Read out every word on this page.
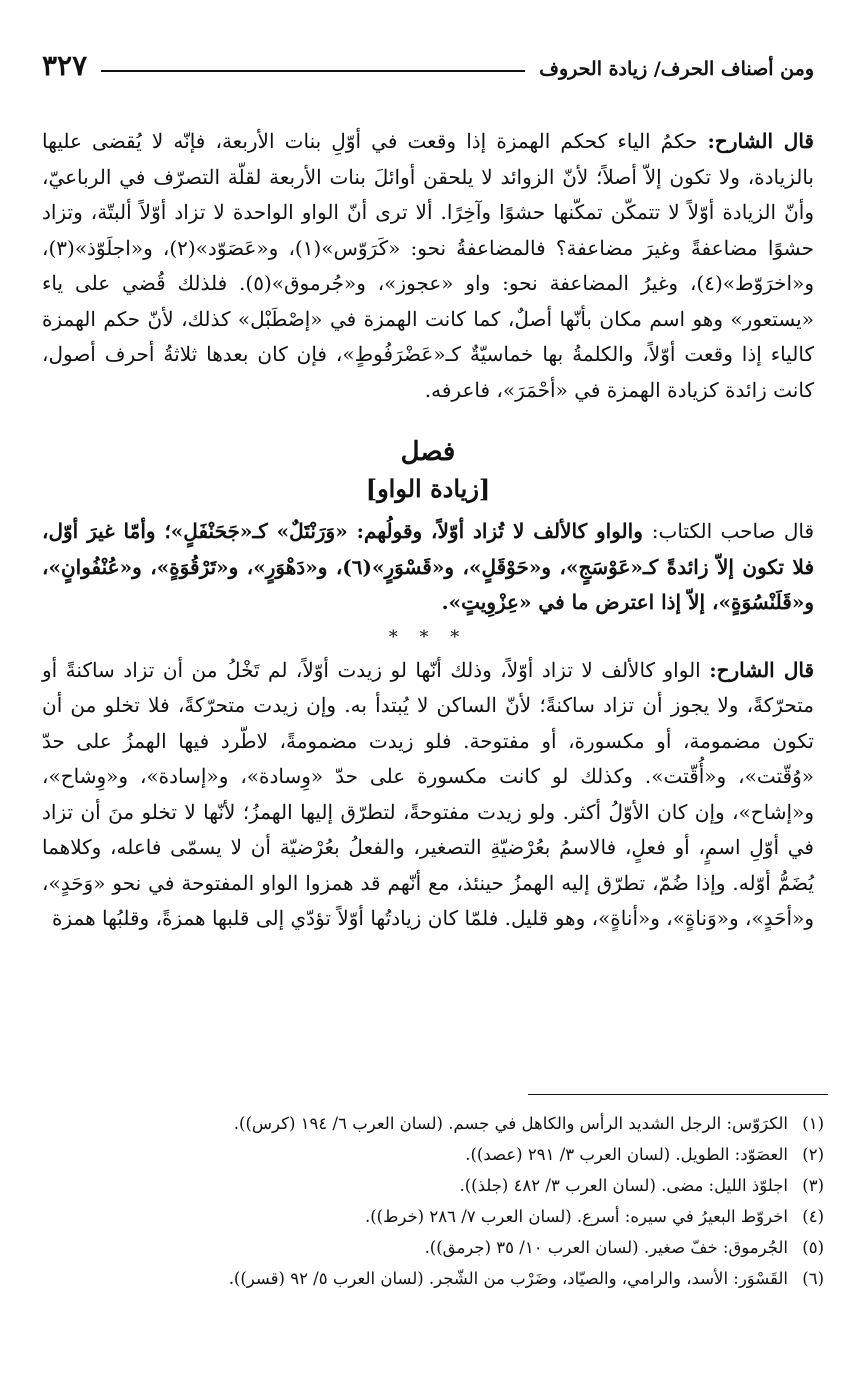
ومن أصناف الحرف/ زيادة الحروف
٣٢٧

قال الشارح: حكمُ الياء كحكم الهمزة إذا وقعت في أوّلِ بنات الأربعة، فإنّه لا يُقضى عليها بالزيادة، ولا تكون إلاّ أصلاً؛ لأنّ الزوائد لا يلحقن أوائلَ بنات الأربعة لقلّة التصرّف في الرباعيّ، وأنّ الزيادة أوّلاً لا تتمكّن تمكّنها حشوًا وآخِرًا. ألا ترى أنّ الواو الواحدة لا تزاد أوّلاً ألبتّة، وتزاد حشوًا مضاعفةً وغيرَ مضاعفة؟ فالمضاعفةُ نحو: «كَرَوّس»(١)، و«عَصَوّد»(٢)، و«اجلَوّذ»(٣)، و«اخرَوّط»(٤)، وغيرُ المضاعفة نحو: واو «عجوز»، و«جُرموق»(٥). فلذلك قُضي على ياء «يستعور» وهو اسم مكان بأنّها أصلٌ، كما كانت الهمزة في «إصْطَبْل» كذلك، لأنّ حكم الهمزة كالياء إذا وقعت أوّلاً، والكلمةُ بها خماسيّةٌ كـ«عَضْرَفُوطٍ»، فإن كان بعدها ثلاثةُ أحرف أصول، كانت زائدة كزيادة الهمزة في «أحْمَرَ»، فاعرفه.

فصل
[زيادة الواو]

قال صاحب الكتاب: والواو كالألف لا تُزاد أوّلاً، وقولُهم: «وَرَنْتَلٌ» كـ«جَحَنْفَلٍ»؛ وأمّا غيرَ أوّل، فلا تكون إلاّ زائدةً كـ«عَوْسَجٍ»، و«حَوْقَلٍ»، و«قَسْوَرٍ»(٦)، و«دَهْوَرٍ»، و«تَرْقُوَةٍ»، و«عُنْفُوانٍ»، و«قَلَنْسُوَةٍ»، إلاّ إذا اعترض ما في «عِزْوِيتٍ».

* * *

قال الشارح: الواو كالألف لا تزاد أوّلاً، وذلك أنّها لو زيدت أوّلاً، لم تَخْلُ من أن تزاد ساكنةً أو متحرّكةً، ولا يجوز أن تزاد ساكنةً؛ لأنّ الساكن لا يُبتدأ به. وإن زيدت متحرّكةً، فلا تخلو من أن تكون مضمومة، أو مكسورة، أو مفتوحة. فلو زيدت مضمومةً، لاطّرد فيها الهمزُ على حدّ «وُقّتت»، و«أُقّتت». وكذلك لو كانت مكسورة على حدّ «وِسادة»، و«إسادة»، و«وِشاح»، و«إشاح»، وإن كان الأوّلُ أكثر. ولو زيدت مفتوحةً، لتطرّق إليها الهمزُ؛ لأنّها لا تخلو منَ أن تزاد في أوّلِ اسمٍ، أو فعلٍ، فالاسمُ بعُرْضيّةِ التصغير، والفعلُ بعُرْضيّة أن لا يسمّى فاعله، وكلاهما يُضَمُّ أوّله. وإذا ضُمّ، تطرّق إليه الهمزُ حينئذ، مع أنّهم قد همزوا الواو المفتوحة في نحو «وَحَدٍ»، و«أحَدٍ»، و«وَناةٍ»، و«أناةٍ»، وهو قليل. فلمّا كان زيادتُها أوّلاً تؤدّي إلى قلبها همزةً، وقلبُها همزة

(١)
الكرَوّس: الرجل الشديد الرأس والكاهل في جسم. (لسان العرب ٦/ ١٩٤ (كرس)).
(٢)
العصَوّد: الطويل. (لسان العرب ٣/ ٢٩١ (عصد)).
(٣)
اجلوّذ الليل: مضى. (لسان العرب ٣/ ٤٨٢ (جلذ)).
(٤)
اخروّط البعيرُ في سيره: أسرع. (لسان العرب ٧/ ٢٨٦ (خرط)).
(٥)
الجُرموق: خفّ صغير. (لسان العرب ١٠/ ٣٥ (جرمق)).
(٦)
القَسْوَر: الأسد، والرامي، والصيّاد، وضَرْب من الشّجر. (لسان العرب ٥/ ٩٢ (قسر)).
